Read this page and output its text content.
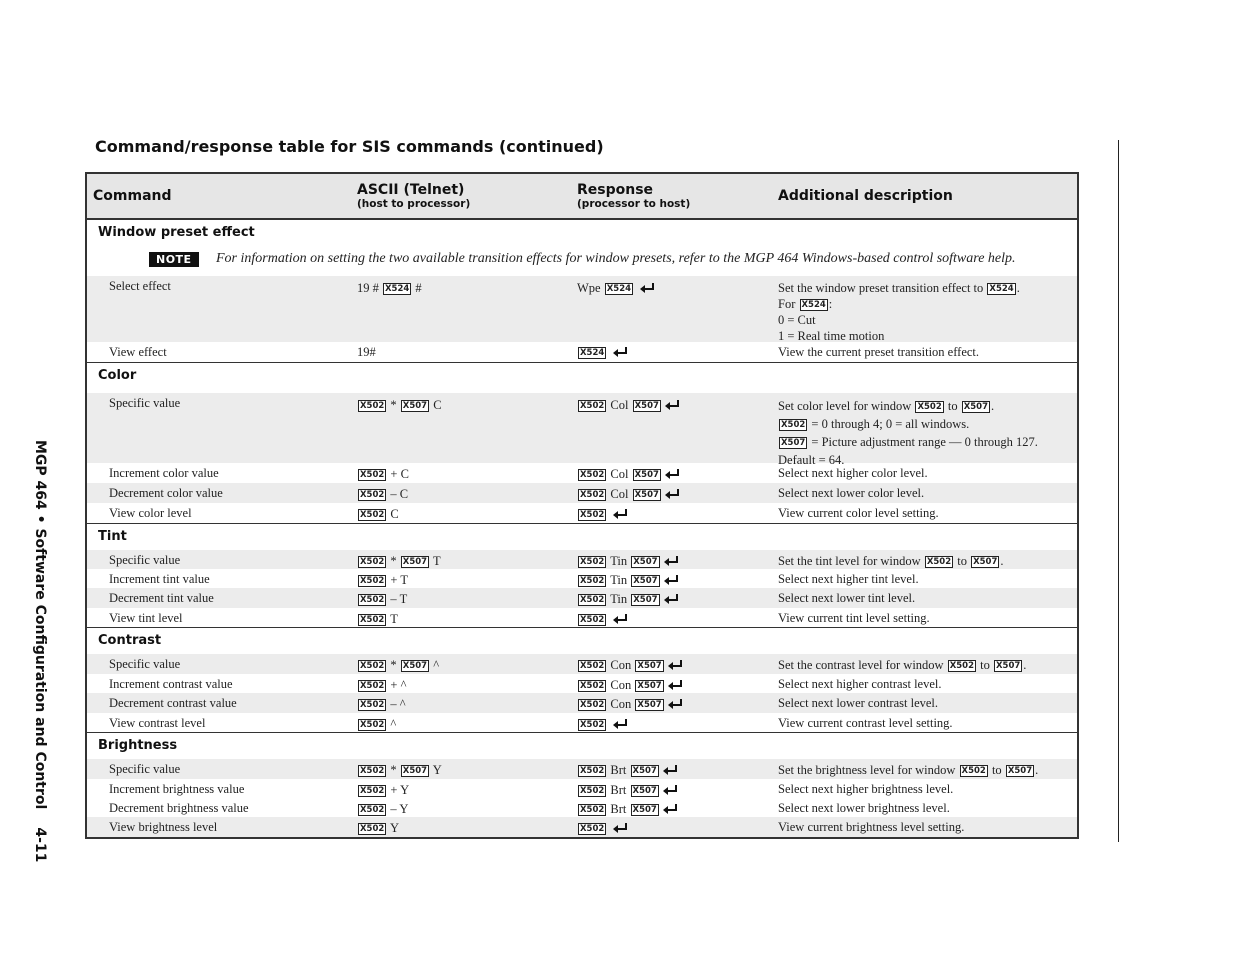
MGP 464 • Software Configuration and Control4-11
Command/response table for SIS commands (continued)
Command	ASCII (Telnet)
(host to processor)
Response
(processor to host)	Additional description
Window preset effect
NOTE	For information on setting the two available transition effects for window presets, refer to the MGP 464 Windows-based control software help.
Select effect	19 # X524 #	Wpe X524	Set the window preset transition effect to X524 .
For X524 :
0 = Cut
1 = Real time motion
View effect	19#	X524	View the current preset transition effect.
Color
Specific value	X502 * X507 C	X502 Col X507	Set color level for window X502 to X507 .
X502 = 0 through 4; 0 = all windows.
X507 = Picture adjustment range — 0 through 127.
Default = 64.
Increment color value	X502 + C	X502 Col X507	Select next higher color level.
Decrement color value	X502 – C	X502 Col X507	Select next lower color level.
View color level	X502 C	X502	View current color level setting.
Tint
Specific value	X502 * X507 T	X502 Tin X507	Set the tint level for window X502 to X507 .
Increment tint value	X502 + T	X502 Tin X507	Select next higher tint level.
Decrement tint value	X502 – T	X502 Tin X507	Select next lower tint level.
View tint level	X502 T	X502	View current tint level setting.
Contrast
Specific value	X502 * X507 ^	X502 Con X507	Set the contrast level for window X502 to X507 .
Increment contrast value	X502 + ^	X502 Con X507	Select next higher contrast level.
Decrement contrast value	X502 – ^	X502 Con X507	Select next lower contrast level.
View contrast level	X502 ^	X502	View current contrast level setting.
Brightness
Specific value	X502 * X507 Y	X502 Brt X507	Set the brightness level for window X502 to X507 .
Increment brightness value	X502 + Y	X502 Brt X507	Select next higher brightness level.
Decrement brightness value	X502 – Y	X502 Brt X507	Select next lower brightness level.
View brightness level	X502 Y	X502	View current brightness level setting.
